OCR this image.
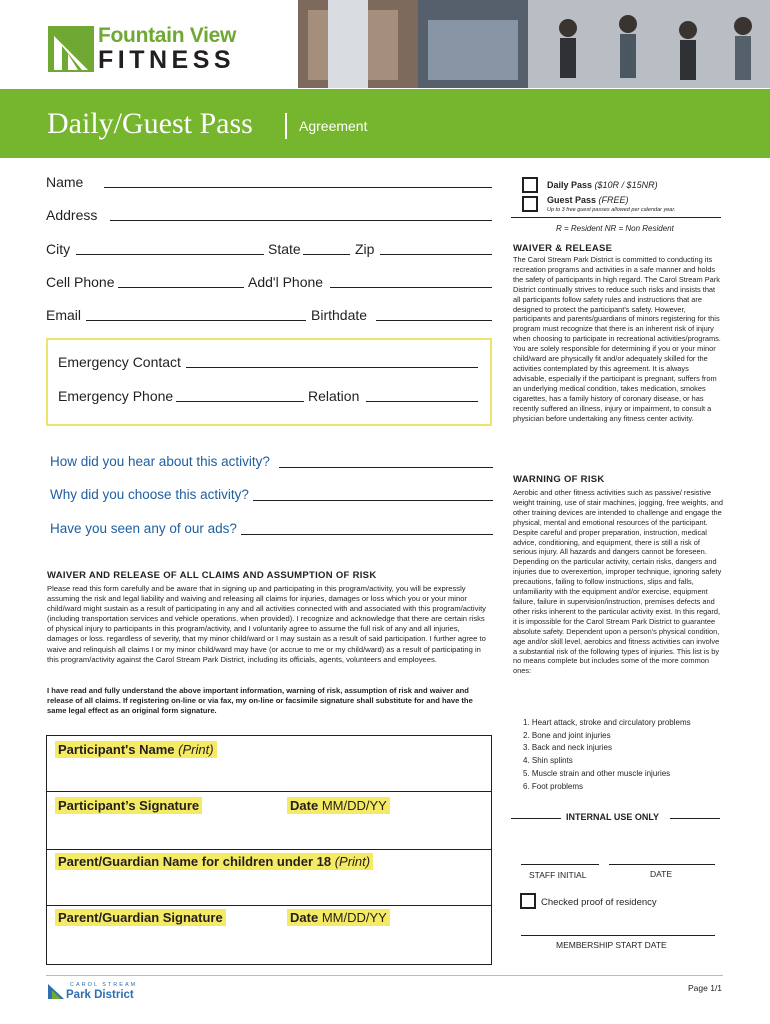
Fountain View
FITNESS
Daily/Guest Pass	Agreement
Name
Address
City	State	Zip
Cell Phone	Add'l Phone
Email	Birthdate
Emergency Contact
Emergency Phone	Relation
How did you hear about this activity?
Why did you choose this activity?
Have you seen any of our ads?
WAIVER AND RELEASE OF ALL CLAIMS AND ASSUMPTION OF RISK
Please read this form carefully and be aware that in signing up and participating in this program/activity, you will be expressly assuming the risk and legal liability and waiving and releasing all claims for injuries, damages or loss which you or your minor child/ward might sustain as a result of participating in any and all activities connected with and associated with this program/activity (including transportation services and vehicle operations. when provided). I recognize and acknowledge that there are certain risks of physical injury to participants in this program/activity, and I voluntarily agree to assume the full risk of any and all injuries, damages or loss. regardless of severity, that my minor child/ward or I may sustain as a result of said participation. I further agree to waive and relinquish all claims I or my minor child/ward may have (or accrue to me or my child/ward) as a result of participating in this program/activity against the Carol Stream Park District, including its officials, agents, volunteers and employees.
I have read and fully understand the above important information, warning of risk, assumption of risk and waiver and release of all claims. If registering on-line or via fax, my on-line or facsimile signature shall substitute for and have the same legal effect as an original form signature.
Participant's Name (Print)
Participant’s Signature	Date MM/DD/YY
Parent/Guardian Name for children under 18 (Print)
Parent/Guardian Signature	Date MM/DD/YY
Daily Pass ($10R / $15NR)
Guest Pass (FREE)
Up to 3 free guest passes allowed per calendar year.
R = Resident NR = Non Resident
WAIVER & RELEASE
The Carol Stream Park District is committed to conducting its recreation programs and activities in a safe manner and holds the safety of participants in high regard. The Carol Stream Park District continually strives to reduce such risks and insists that all participants follow safety rules and instructions that are designed to protect the participant's safety. However, participants and parents/guardians of minors registering for this program must recognize that there is an inherent risk of injury when choosing to participate in recreational activities/programs. You are solely responsible for determining if you or your minor child/ward are physically fit and/or adequately skilled for the activities contemplated by this agreement. It is always advisable, especially if the participant is pregnant, suffers from an underlying medical condition, takes medication, smokes cigarettes, has a family history of coronary disease, or has recently suffered an illness, injury or impairment, to consult a physician before undertaking any fitness center activity.
WARNING OF RISK
Aerobic and other fitness activities such as passive/ resistive weight training, use of stair machines, jogging, free weights, and other training devices are intended to challenge and engage the physical, mental and emotional resources of the participant. Despite careful and proper preparation, instruction, medical advice, conditioning, and equipment, there is still a risk of serious injury. All hazards and dangers cannot be foreseen. Depending on the particular activity, certain risks, dangers and injuries due to overexertion, improper technique, ignoring safety precautions, failing to follow instructions, slips and falls, unfamiliarity with the equipment and/or exercise, equipment failure, failure in supervision/instruction, premises defects and other risks inherent to the particular activity exist. In this regard, it is impossible for the Carol Stream Park District to guarantee absolute safety. Dependent upon a person's physical condition, age and/or skill level, aerobics and fitness activities can involve a substantial risk of the following types of injuries. This list is by no means complete but includes some of the more common ones:
1. Heart attack, stroke and circulatory problems
2. Bone and joint injuries
3. Back and neck injuries
4. Shin splints
5. Muscle strain and other muscle injuries
6. Foot problems
INTERNAL USE ONLY
STAFF INITIAL	DATE
Checked proof of residency
MEMBERSHIP START DATE
CAROL STREAM
Park District
Page 1/1
